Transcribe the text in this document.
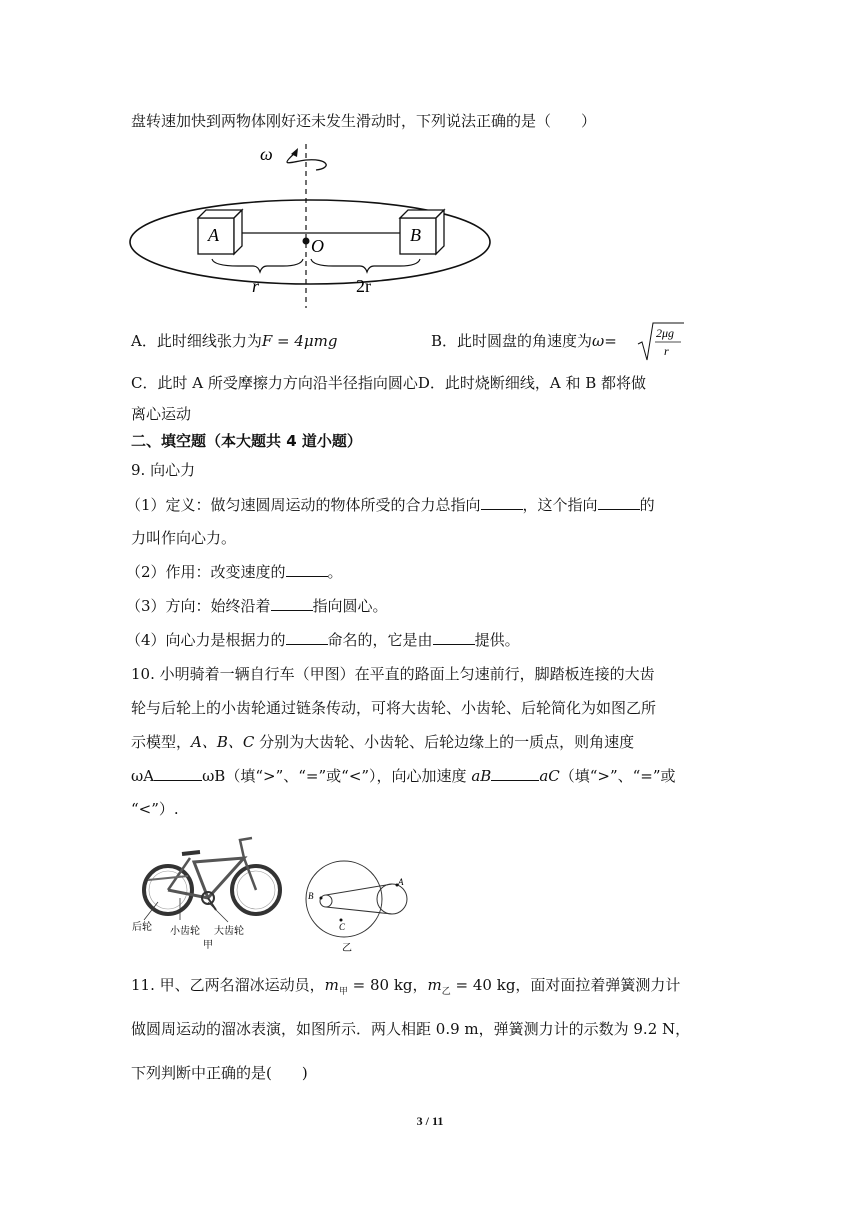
盘转速加快到两物体刚好还未发生滑动时，下列说法正确的是（　　）
ω
A	B
O
r	2r
A．此时细线张力为F = 4μmg	B．此时圆盘的角速度为ω=	2μg
r
C．此时 A 所受摩擦力方向沿半径指向圆心D．此时烧断细线，A 和 B 都将做
离心运动
二、填空题（本大题共 4 道小题）
9. 向心力
（1）定义：做匀速圆周运动的物体所受的合力总指向	，这个指向	的
力叫作向心力。
（2）作用：改变速度的	。
（3）方向：始终沿着	指向圆心。
（4）向心力是根据力的	命名的，它是由	提供。
10. 小明骑着一辆自行车（甲图）在平直的路面上匀速前行，脚踏板连接的大齿
轮与后轮上的小齿轮通过链条传动，可将大齿轮、小齿轮、后轮简化为如图乙所
示模型，A、B、C 分别为大齿轮、小齿轮、后轮边缘上的一质点，则角速度
ωA	ωB（填“>”、“=”或“<”），向心加速度 aB	aC（填“>”、“=”或
“<”）.
后轮 小齿轮 大齿轮
甲
A
B
C
乙
11. 甲、乙两名溜冰运动员，$m_甲 = 80$ kg，$m_乙 = 40$ kg，面对面拉着弹簧测力计
做圆周运动的溜冰表演，如图所示．两人相距 0.9 m，弹簧测力计的示数为 9.2 N，
下列判断中正确的是(　　)
3 / 11
